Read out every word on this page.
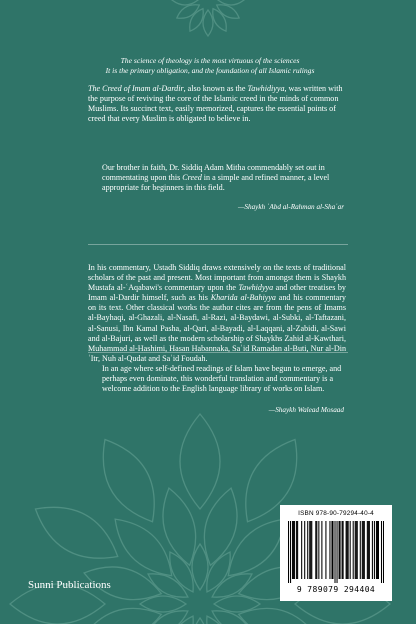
The science of theology is the most virtuous of the sciences
It is the primary obligation, and the foundation of all Islamic rulings

The Creed of Imam al-Dardir, also known as the Tawhidiyya, was written with the purpose of reviving the core of the Islamic creed in the minds of common Muslims. Its succinct text, easily memorized, captures the essential points of creed that every Muslim is obligated to believe in.

Our brother in faith, Dr. Siddiq Adam Mitha commendably set out in commentating upon this Creed in a simple and refined manner, a level appropriate for beginners in this field.

—Shaykh ʿAbd al-Rahman al-Shaʿar

In his commentary, Ustadh Siddiq draws extensively on the texts of traditional scholars of the past and present. Most important from amongst them is Shaykh Mustafa al-ʿAqabawi's commentary upon the Tawhidyya and other treatises by Imam al-Dardir himself, such as his Kharida al-Bahiyya and his commentary on its text. Other classical works the author cites are from the pens of Imams al-Bayhaqi, al-Ghazali, al-Nasafi, al-Razi, al-Baydawi, al-Subki, al-Taftazani, al-Sanusi, Ibn Kamal Pasha, al-Qari, al-Bayadi, al-Laqqani, al-Zabidi, al-Sawi and al-Bajuri, as well as the modern scholarship of Shaykhs Zahid al-Kawthari, Muhammad al-Hashimi, Hasan Habannaka, Saʿid Ramadan al-Buti, Nur al-Din ʿItr, Nuh al-Qudat and Saʿid Foudah.

In an age where self-defined readings of Islam have begun to emerge, and perhaps even dominate, this wonderful translation and commentary is a welcome addition to the English language library of works on Islam.

—Shaykh Walead Mosaad
ISBN 978-90-79294-40-4
9 789079 294404
Sunni Publications
